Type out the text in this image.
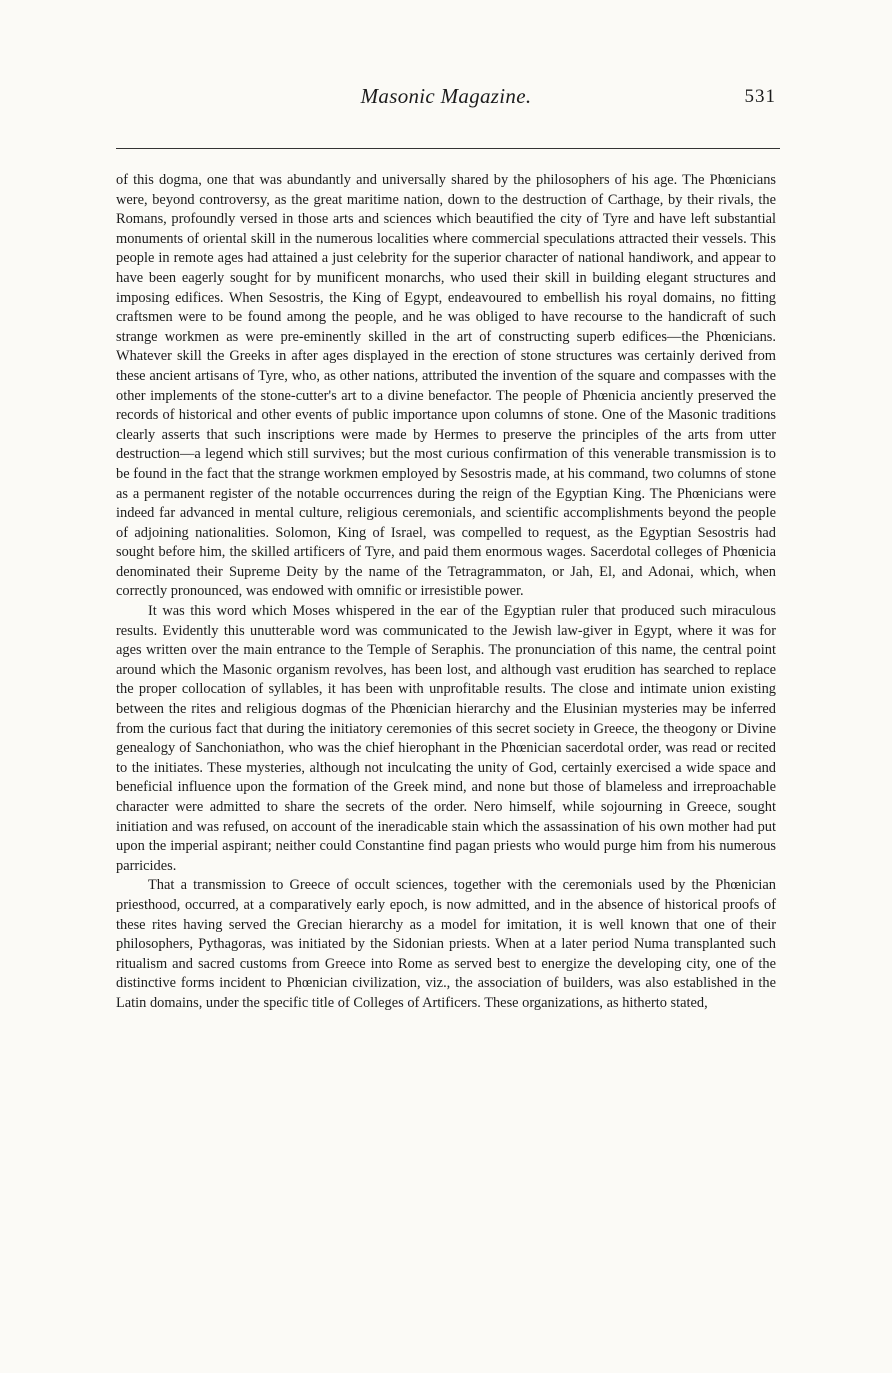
Masonic Magazine.	531

of this dogma, one that was abundantly and universally shared by the philosophers of his age. The Phœnicians were, beyond controversy, as the great maritime nation, down to the destruction of Carthage, by their rivals, the Romans, profoundly versed in those arts and sciences which beautified the city of Tyre and have left substantial monuments of oriental skill in the numerous localities where commercial speculations attracted their vessels. This people in remote ages had attained a just celebrity for the superior character of national handiwork, and appear to have been eagerly sought for by munificent monarchs, who used their skill in building elegant structures and imposing edifices. When Sesostris, the King of Egypt, endeavoured to embellish his royal domains, no fitting craftsmen were to be found among the people, and he was obliged to have recourse to the handicraft of such strange workmen as were pre-eminently skilled in the art of constructing superb edifices—the Phœnicians. Whatever skill the Greeks in after ages displayed in the erection of stone structures was certainly derived from these ancient artisans of Tyre, who, as other nations, attributed the invention of the square and compasses with the other implements of the stone-cutter's art to a divine benefactor. The people of Phœnicia anciently preserved the records of historical and other events of public importance upon columns of stone. One of the Masonic traditions clearly asserts that such inscriptions were made by Hermes to preserve the principles of the arts from utter destruction—a legend which still survives; but the most curious confirmation of this venerable transmission is to be found in the fact that the strange workmen employed by Sesostris made, at his command, two columns of stone as a permanent register of the notable occurrences during the reign of the Egyptian King. The Phœnicians were indeed far advanced in mental culture, religious ceremonials, and scientific accomplishments beyond the people of adjoining nationalities. Solomon, King of Israel, was compelled to request, as the Egyptian Sesostris had sought before him, the skilled artificers of Tyre, and paid them enormous wages. Sacerdotal colleges of Phœnicia denominated their Supreme Deity by the name of the Tetragrammaton, or Jah, El, and Adonai, which, when correctly pronounced, was endowed with omnific or irresistible power.

It was this word which Moses whispered in the ear of the Egyptian ruler that produced such miraculous results. Evidently this unutterable word was communicated to the Jewish law-giver in Egypt, where it was for ages written over the main entrance to the Temple of Seraphis. The pronunciation of this name, the central point around which the Masonic organism revolves, has been lost, and although vast erudition has searched to replace the proper collocation of syllables, it has been with unprofitable results. The close and intimate union existing between the rites and religious dogmas of the Phœnician hierarchy and the Elusinian mysteries may be inferred from the curious fact that during the initiatory ceremonies of this secret society in Greece, the theogony or Divine genealogy of Sanchoniathon, who was the chief hierophant in the Phœnician sacerdotal order, was read or recited to the initiates. These mysteries, although not inculcating the unity of God, certainly exercised a wide space and beneficial influence upon the formation of the Greek mind, and none but those of blameless and irreproachable character were admitted to share the secrets of the order. Nero himself, while sojourning in Greece, sought initiation and was refused, on account of the ineradicable stain which the assassination of his own mother had put upon the imperial aspirant; neither could Constantine find pagan priests who would purge him from his numerous parricides.

That a transmission to Greece of occult sciences, together with the ceremonials used by the Phœnician priesthood, occurred, at a comparatively early epoch, is now admitted, and in the absence of historical proofs of these rites having served the Grecian hierarchy as a model for imitation, it is well known that one of their philosophers, Pythagoras, was initiated by the Sidonian priests. When at a later period Numa transplanted such ritualism and sacred customs from Greece into Rome as served best to energize the developing city, one of the distinctive forms incident to Phœnician civilization, viz., the association of builders, was also established in the Latin domains, under the specific title of Colleges of Artificers. These organizations, as hitherto stated,
